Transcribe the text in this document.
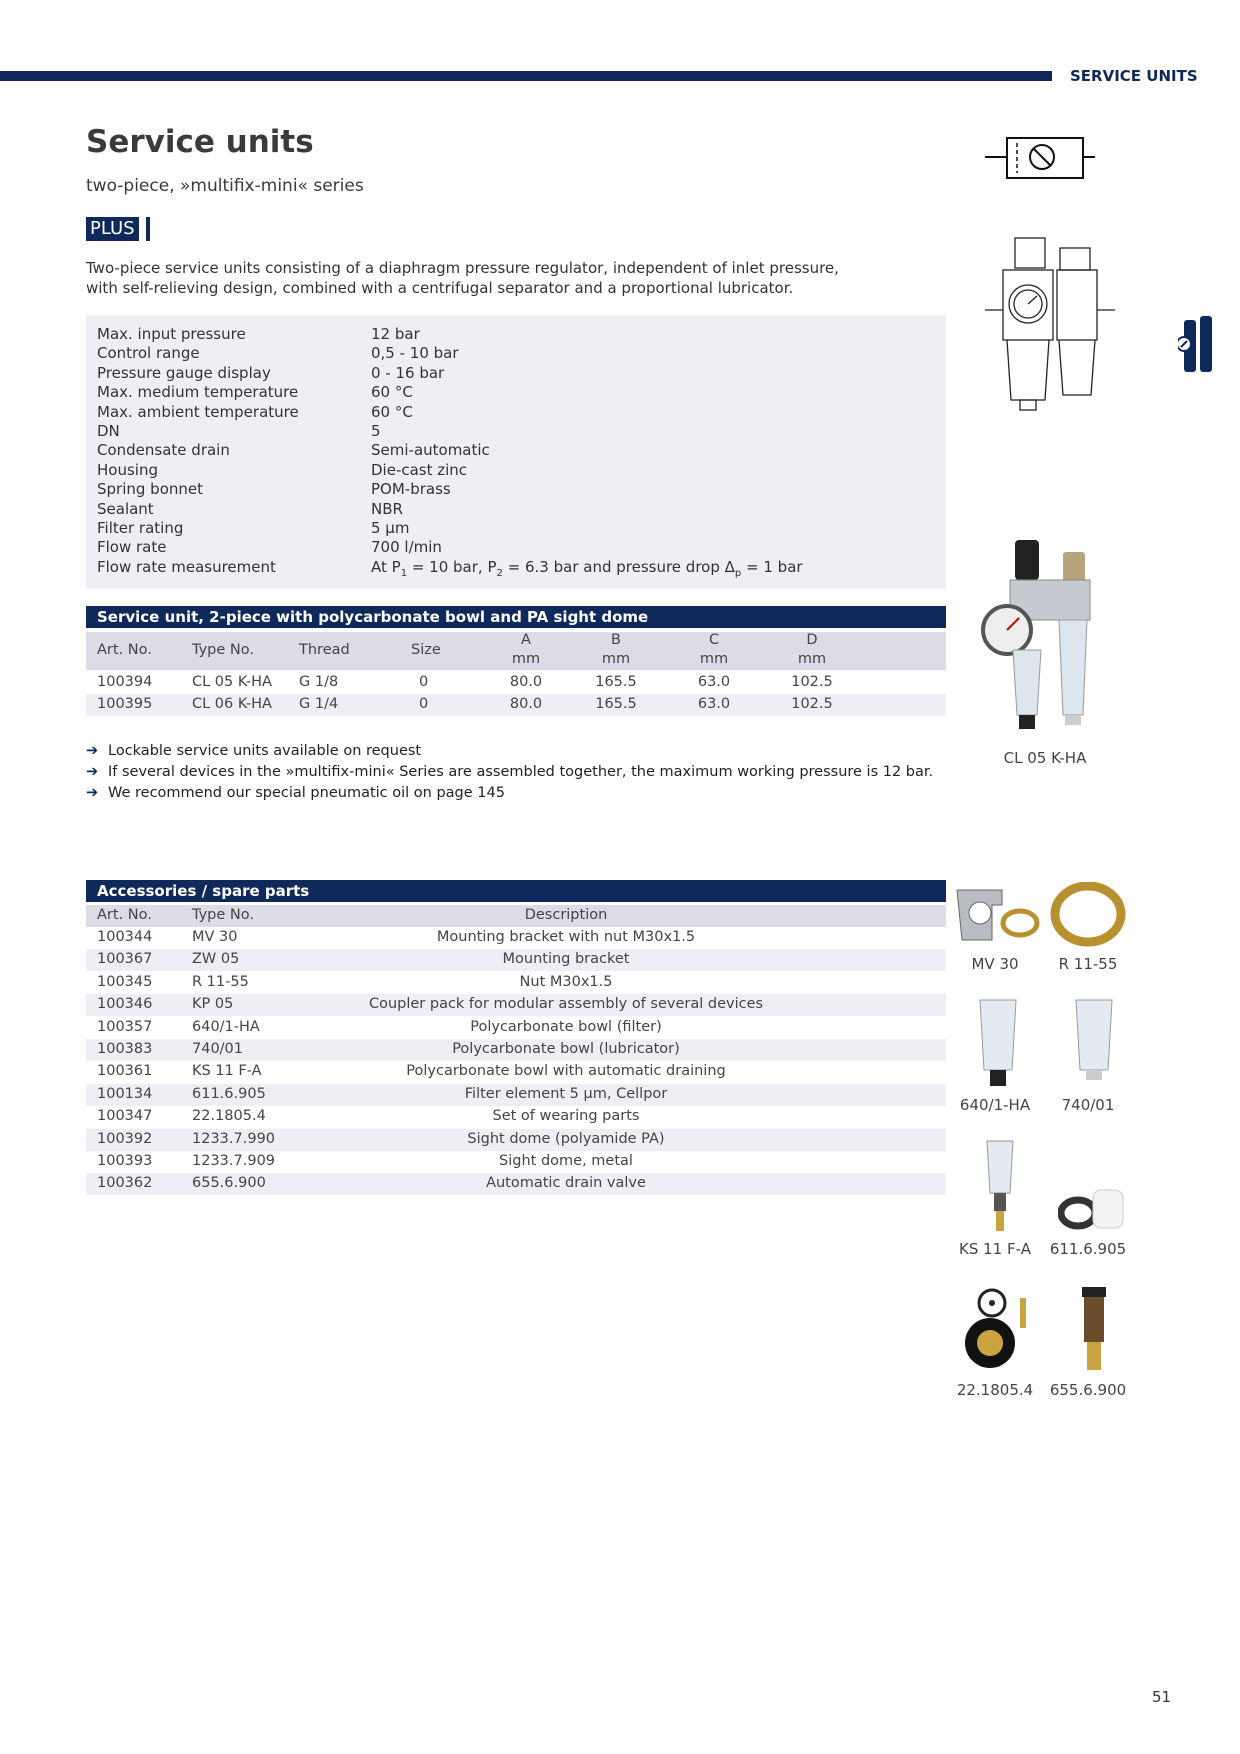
SERVICE UNITS
Service units
two-piece, »multifix-mini« series
PLUS
Two-piece service units consisting of a diaphragm pressure regulator, independent of inlet pressure,
with self-relieving design, combined with a centrifugal separator and a proportional lubricator.
Flow rate measurement	At $P_1 = 10$ bar, $P_2 = 6.3$ bar and pressure drop $\Delta_p = 1$ bar
Max. input pressure	12 bar
Control range	0,5 - 10 bar
Pressure gauge display	0 - 16 bar
Max. medium temperature	60 °C
Max. ambient temperature	60 °C
DN	5
Condensate drain	Semi-automatic
Housing	Die-cast zinc
Spring bonnet	POM-brass
Sealant	NBR
Filter rating	5 µm
Flow rate	700 l/min
Service unit, 2-piece with polycarbonate bowl and PA sight dome
Art. No.	Type No.	Thread	Size
A	B	C	D
mm	mm	mm	mm
100394	CL 05 K-HA G 1/8	0	80.0	165.5	63.0	102.5
100395	CL 06 K-HA G 1/4	0	80.0	165.5	63.0	102.5
➔ Lockable service units available on request
➔ If several devices in the »multifix-mini« Series are assembled together, the maximum working pressure is 12 bar.
➔ We recommend our special pneumatic oil on page 145
Accessories / spare parts
Art. No.	Type No.	Description
100344	MV 30	Mounting bracket with nut M30x1.5
100367	ZW 05	Mounting bracket
100345	R 11-55	Nut M30x1.5
100346	KP 05	Coupler pack for modular assembly of several devices
100357	640/1-HA	Polycarbonate bowl (filter)
100383	740/01	Polycarbonate bowl (lubricator)
100361	KS 11 F-A	Polycarbonate bowl with automatic draining
100134	611.6.905	Filter element 5 µm, Cellpor
100347	22.1805.4	Set of wearing parts
100392	1233.7.990	Sight dome (polyamide PA)
100393	1233.7.909	Sight dome, metal
100362	655.6.900	Automatic drain valve
CL 05 K-HA
MV 30	R 11-55
640/1-HA	740/01
KS 11 F-A	611.6.905
22.1805.4	655.6.900
51
